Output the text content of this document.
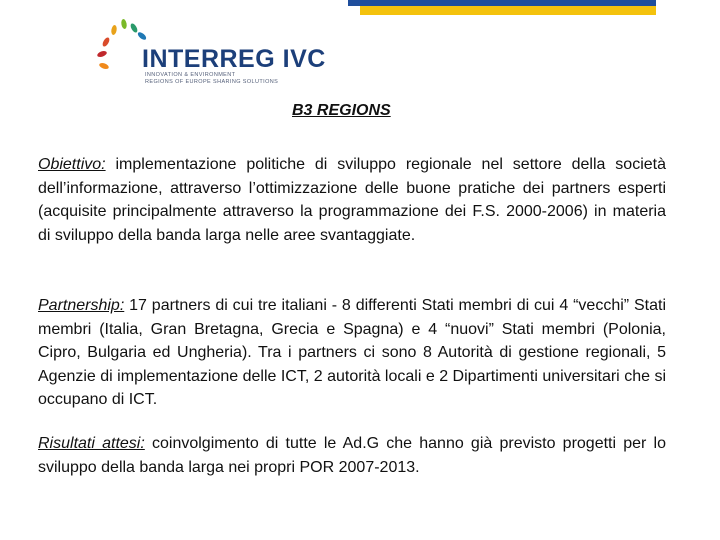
INTERREG IVC
INNOVATION & ENVIRONMENT
REGIONS OF EUROPE SHARING SOLUTIONS
B3 REGIONS

Obiettivo: implementazione politiche di sviluppo regionale nel settore della società dell’informazione, attraverso l’ottimizzazione delle buone pratiche dei partners esperti (acquisite principalmente attraverso la programmazione dei F.S. 2000-2006) in materia di sviluppo della banda larga nelle aree svantaggiate.

Partnership: 17 partners di cui tre italiani - 8 differenti Stati membri di cui 4 “vecchi” Stati membri (Italia, Gran Bretagna, Grecia e Spagna) e 4 “nuovi” Stati membri (Polonia, Cipro, Bulgaria ed Ungheria). Tra i partners ci sono 8 Autorità di gestione regionali, 5 Agenzie di implementazione delle ICT, 2 autorità locali e 2 Dipartimenti universitari che si occupano di ICT.

Risultati attesi: coinvolgimento di tutte le Ad.G che hanno già previsto progetti per lo sviluppo della banda larga nei propri POR 2007-2013.
